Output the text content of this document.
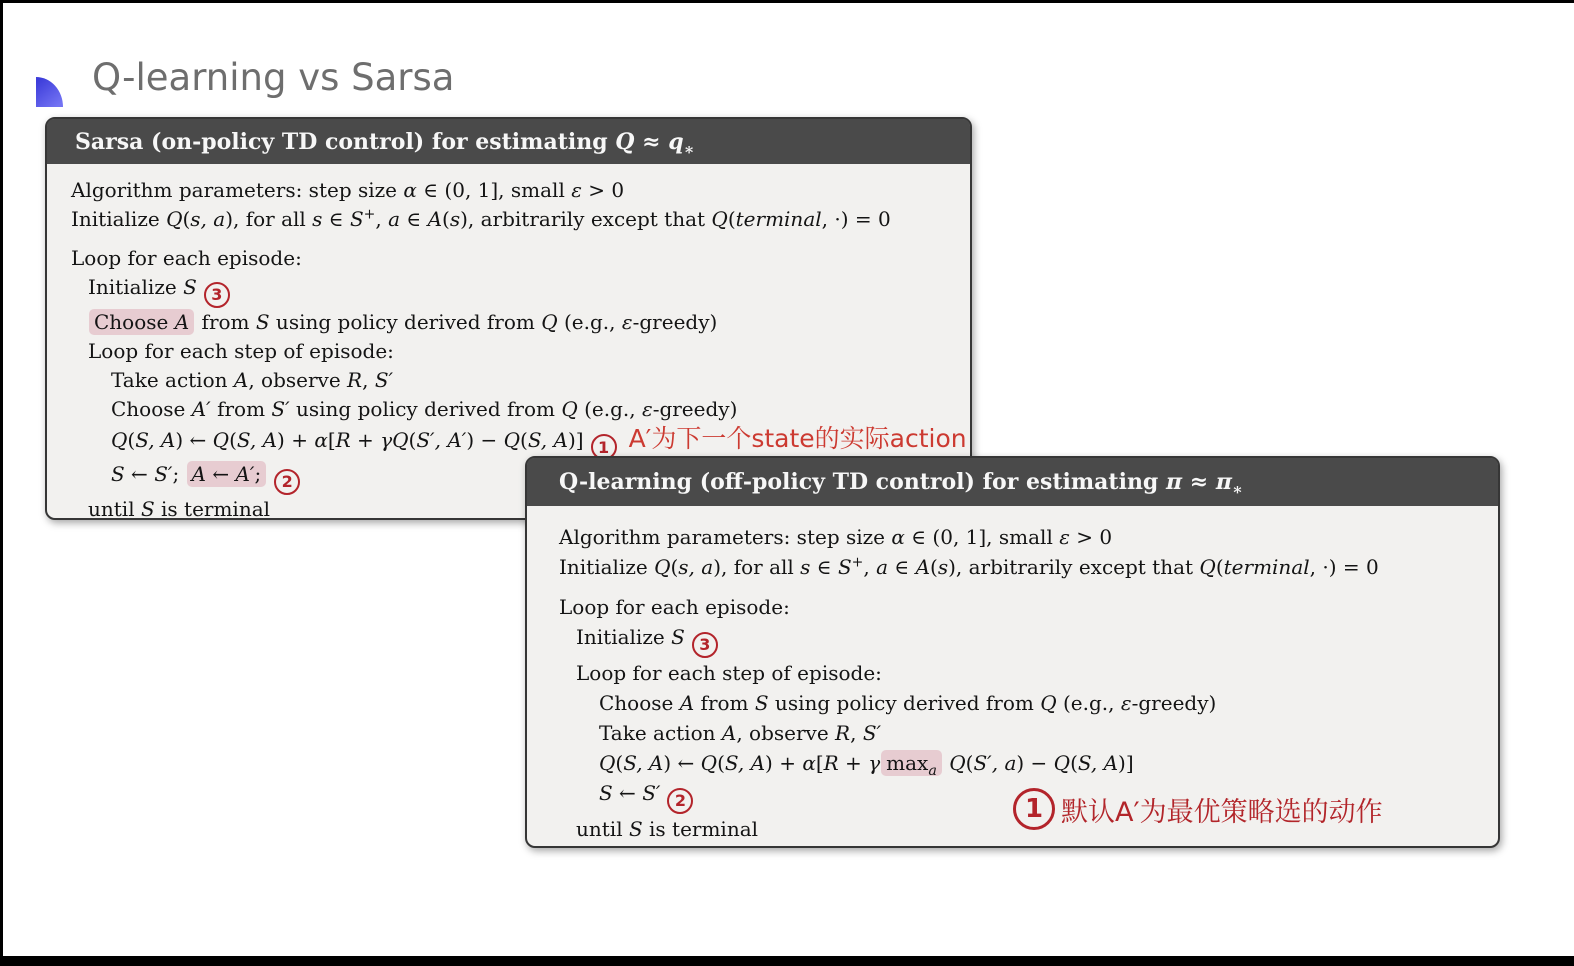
Q-learning vs Sarsa
Sarsa (on-policy TD control) for estimating $Q \approx q_∗$
Algorithm parameters: step size α ∈ (0, 1], small ε > 0
Initialize Q(s, a), for all s ∈ S+, a ∈ A(s), arbitrarily except that Q(terminal, ·) = 0
Loop for each episode:
Initialize S 3
Choose A from S using policy derived from Q (e.g., ε-greedy)
Loop for each step of episode:
Take action A, observe R, S′
Choose A′ from S′ using policy derived from Q (e.g., ε-greedy)
Q(S, A) ← Q(S, A) + α[R + γQ(S′, A′) − Q(S, A)] 1 A′为下一个state的实际action
S ← S′; A ← A′; 2
until S is terminal
Q-learning (off-policy TD control) for estimating $\pi \approx \pi_∗$
Algorithm parameters: step size α ∈ (0, 1], small ε > 0
Initialize Q(s, a), for all s ∈ S+, a ∈ A(s), arbitrarily except that Q(terminal, ·) = 0
Loop for each episode:
Initialize S 3
Loop for each step of episode:
Choose A from S using policy derived from Q (e.g., ε-greedy)
Take action A, observe R, S′
Q(S, A) ← Q(S, A) + α[R + γ $\max_a Q(S'$, a) − Q(S, A)]
S ← S′ 2
until S is terminal
1 默认A′为最优策略选的动作
